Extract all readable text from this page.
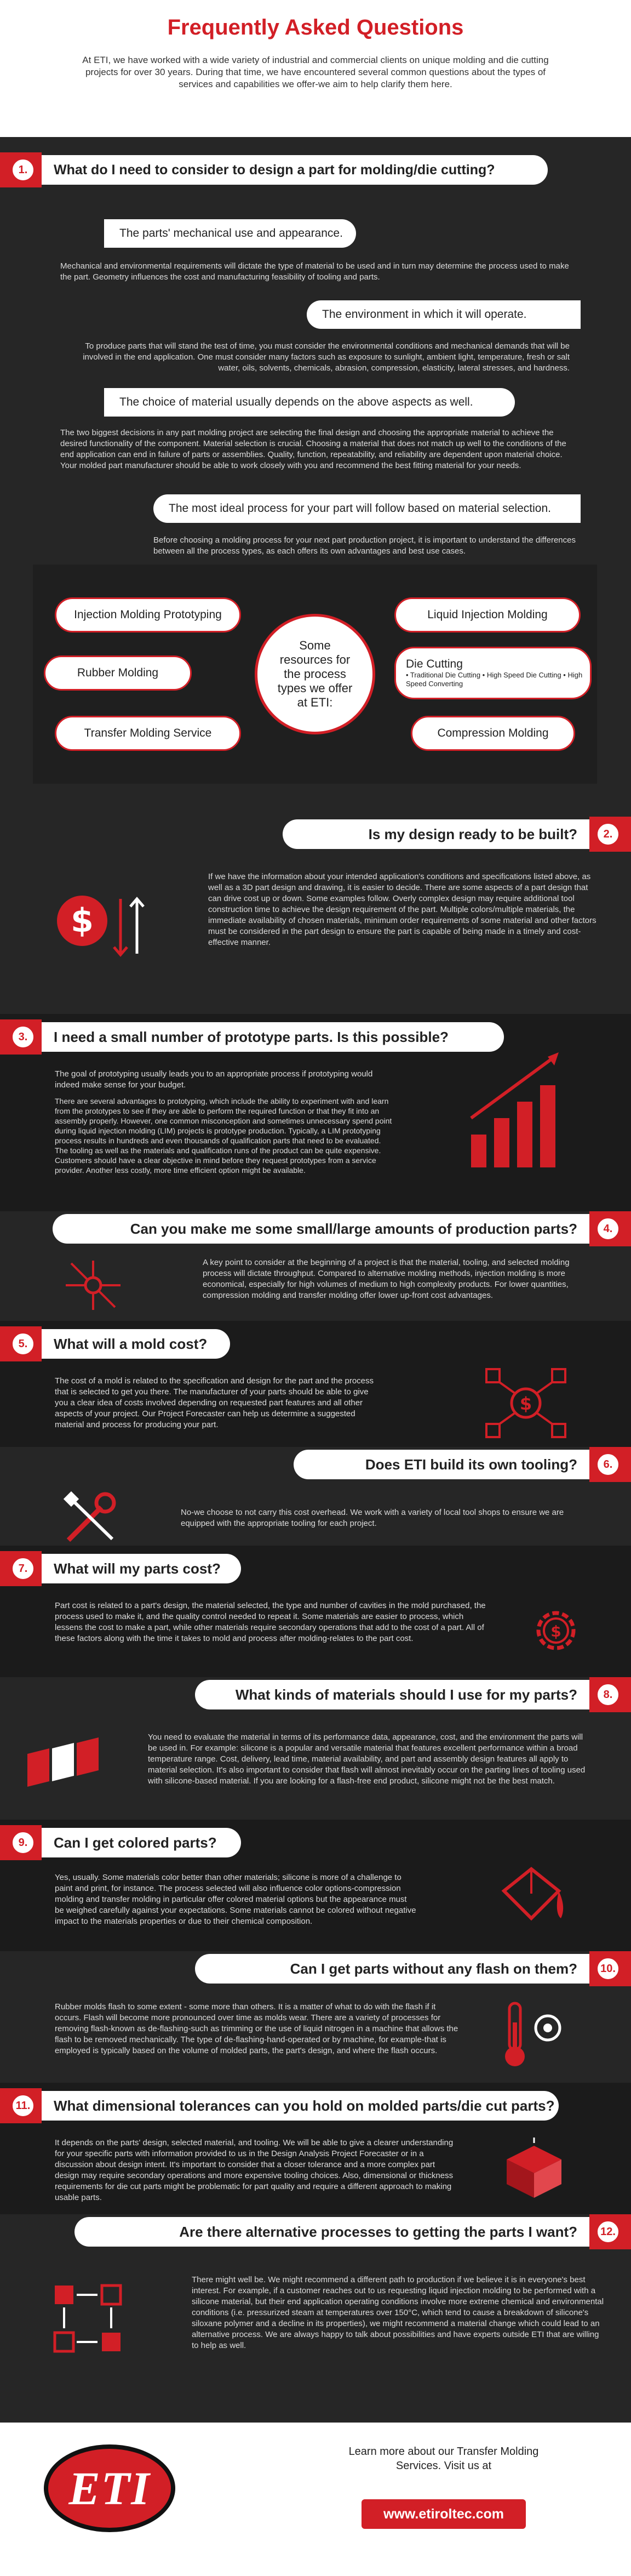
Frequently Asked Questions

At ETI, we have worked with a wide variety of industrial and commercial clients on unique molding and die cutting projects for over 30 years. During that time, we have encountered several common questions about the types of services and capabilities we offer-we aim to help clarify them here.

1.	What do I need to consider to design a part for molding/die cutting?
The parts' mechanical use and appearance.

Mechanical and environmental requirements will dictate the type of material to be used and in turn may determine the process used to make the part. Geometry influences the cost and manufacturing feasibility of tooling and parts.

The environment in which it will operate.

To produce parts that will stand the test of time, you must consider the environmental conditions and mechanical demands that will be involved in the end application. One must consider many factors such as exposure to sunlight, ambient light, temperature, fresh or salt water, oils, solvents, chemicals, abrasion, compression, elasticity, lateral stresses, and hardness.

The choice of material usually depends on the above aspects as well.

The two biggest decisions in any part molding project are selecting the final design and choosing the appropriate material to achieve the desired functionality of the component. Material selection is crucial. Choosing a material that does not match up well to the conditions of the end application can end in failure of parts or assemblies. Quality, function, repeatability, and reliability are dependent upon material choice. Your molded part manufacturer should be able to work closely with you and recommend the best fitting material for your needs.

The most ideal process for your part will follow based on material selection.

Before choosing a molding process for your next part production project, it is important to understand the differences between all the process types, as each offers its own advantages and best use cases.

Injection Molding Prototyping	Liquid Injection Molding
Rubber Molding
Die Cutting
• Traditional Die Cutting • High Speed Die Cutting • High Speed Converting
Transfer Molding Service	Compression Molding
Some resources for the process types we offer at ETI:
Is my design ready to be built?	2.
$

If we have the information about your intended application's conditions and specifications listed above, as well as a 3D part design and drawing, it is easier to decide. There are some aspects of a part design that can drive cost up or down. Some examples follow. Overly complex design may require additional tool construction time to achieve the design requirement of the part. Multiple colors/multiple materials, the immediate availability of chosen materials, minimum order requirements of some material and other factors must be considered in the part design to ensure the part is capable of being made in a timely and cost-effective manner.

3.	I need a small number of prototype parts. Is this possible?

The goal of prototyping usually leads you to an appropriate process if prototyping would indeed make sense for your budget.

There are several advantages to prototyping, which include the ability to experiment with and learn from the prototypes to see if they are able to perform the required function or that they fit into an assembly properly. However, one common misconception and sometimes unnecessary spend point during liquid injection molding (LIM) projects is prototype production. Typically, a LIM prototyping process results in hundreds and even thousands of qualification parts that need to be evaluated. The tooling as well as the materials and qualification runs of the product can be quite expensive. Customers should have a clear objective in mind before they request prototypes from a service provider. Another less costly, more time efficient option might be available.

Can you make me some small/large amounts of production parts?	4.

A key point to consider at the beginning of a project is that the material, tooling, and selected molding process will dictate throughput. Compared to alternative molding methods, injection molding is more economical, especially for high volumes of medium to high complexity products. For lower quantities, compression molding and transfer molding offer lower up-front cost advantages.

5.	What will a mold cost?

The cost of a mold is related to the specification and design for the part and the process that is selected to get you there. The manufacturer of your parts should be able to give you a clear idea of costs involved depending on requested part features and all other aspects of your project. Our Project Forecaster can help us determine a suggested material and process for producing your part.

$
Does ETI build its own tooling?	6.

No-we choose to not carry this cost overhead. We work with a variety of local tool shops to ensure we are equipped with the appropriate tooling for each project.

7.	What will my parts cost?

Part cost is related to a part's design, the material selected, the type and number of cavities in the mold purchased, the process used to make it, and the quality control needed to repeat it. Some materials are easier to process, which lessens the cost to make a part, while other materials require secondary operations that add to the cost of a part. All of these factors along with the time it takes to mold and process after molding-relates to the part cost.	$
What kinds of materials should I use for my parts?	8.

You need to evaluate the material in terms of its performance data, appearance, cost, and the environment the parts will be used in. For example: silicone is a popular and versatile material that features excellent performance within a broad temperature range. Cost, delivery, lead time, material availability, and part and assembly design features all apply to material selection. It's also important to consider that flash will almost inevitably occur on the parting lines of tooling used with silicone-based material. If you are looking for a flash-free end product, silicone might not be the best match.

9.	Can I get colored parts?

Yes, usually. Some materials color better than other materials; silicone is more of a challenge to paint and print, for instance. The process selected will also influence color options-compression molding and transfer molding in particular offer colored material options but the appearance must be weighed carefully against your expectations. Some materials cannot be colored without negative impact to the materials properties or due to their chemical composition.

Can I get parts without any flash on them?	10.

Rubber molds flash to some extent - some more than others. It is a matter of what to do with the flash if it occurs. Flash will become more pronounced over time as molds wear. There are a variety of processes for removing flash-known as de-flashing-such as trimming or the use of liquid nitrogen in a machine that allows the flash to be removed mechanically. The type of de-flashing-hand-operated or by machine, for example-that is employed is typically based on the volume of molded parts, the part's design, and where the flash occurs.

11.	What dimensional tolerances can you hold on molded parts/die cut parts?

It depends on the parts' design, selected material, and tooling. We will be able to give a clearer understanding for your specific parts with information provided to us in the Design Analysis Project Forecaster or in a discussion about design intent. It's important to consider that a closer tolerance and a more complex part design may require secondary operations and more expensive tooling choices. Also, dimensional or thickness requirements for die cut parts might be problematic for part quality and require a different approach to making usable parts.

Are there alternative processes to getting the parts I want?	12.

There might well be. We might recommend a different path to production if we believe it is in everyone's best interest. For example, if a customer reaches out to us requesting liquid injection molding to be performed with a silicone material, but their end application operating conditions involve more extreme chemical and environmental conditions (i.e. pressurized steam at temperatures over 150°C, which tend to cause a breakdown of silicone's siloxane polymer and a decline in its properties), we might recommend a material change which could lead to an alternative process. We are always happy to talk about possibilities and have experts outside ETI that are willing to help as well.

ETI

Learn more about our Transfer Molding Services. Visit us at

www.etiroltec.com
